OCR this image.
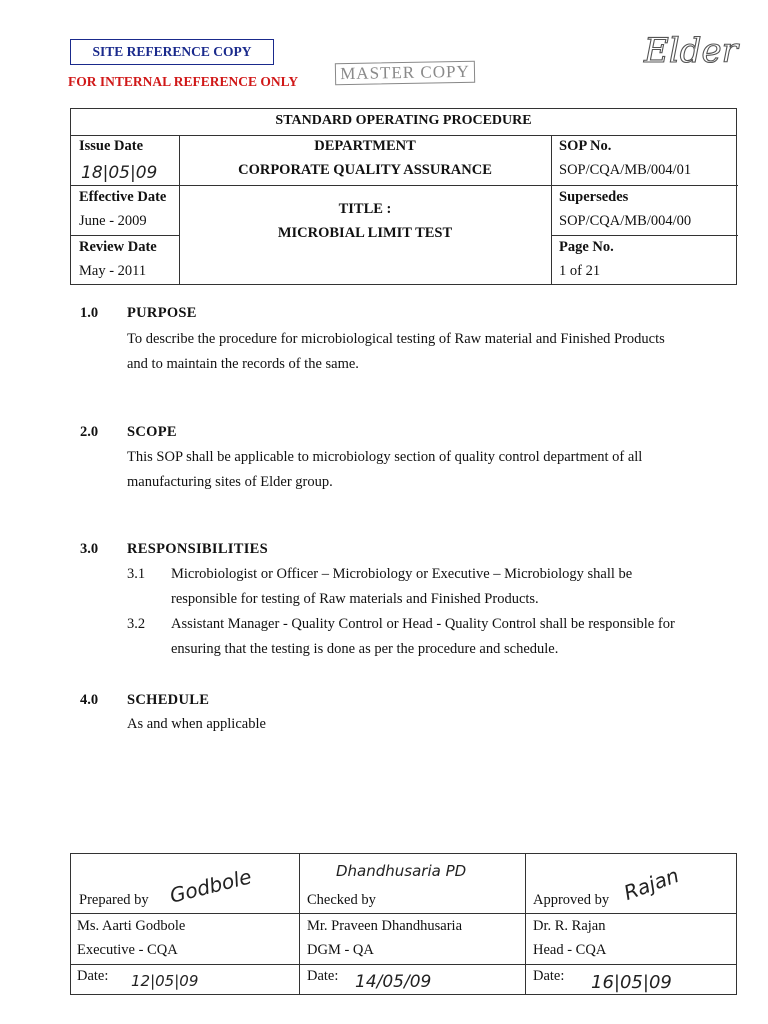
SITE REFERENCE COPY
FOR INTERNAL REFERENCE ONLY	MASTER COPY
Elder
STANDARD OPERATING PROCEDURE
Issue Date
18|05|09
Effective Date
June - 2009
Review Date
May - 2011
DEPARTMENT
CORPORATE QUALITY ASSURANCE
TITLE :
MICROBIAL LIMIT TEST
SOP No.
SOP/CQA/MB/004/01
Supersedes
SOP/CQA/MB/004/00
Page No.
1 of 21
1.0 PURPOSE
To describe the procedure for microbiological testing of Raw material and Finished Products
and to maintain the records of the same.
2.0 SCOPE
This SOP shall be applicable to microbiology section of quality control department of all
manufacturing sites of Elder group.
3.0 RESPONSIBILITIES
3.1 Microbiologist or Officer – Microbiology or Executive – Microbiology shall be
responsible for testing of Raw materials and Finished Products.
3.2 Assistant Manager - Quality Control or Head - Quality Control shall be responsible for
ensuring that the testing is done as per the procedure and schedule.
4.0 SCHEDULE
As and when applicable
Prepared by Godbole
Ms. Aarti Godbole
Executive - CQA
Date: 12|05|09
Dhandhusaria PD
Checked by
Mr. Praveen Dhandhusaria
DGM - QA
Date: 14/05/09
Approved by Rajan
Dr. R. Rajan
Head - CQA
Date: 16|05|09
